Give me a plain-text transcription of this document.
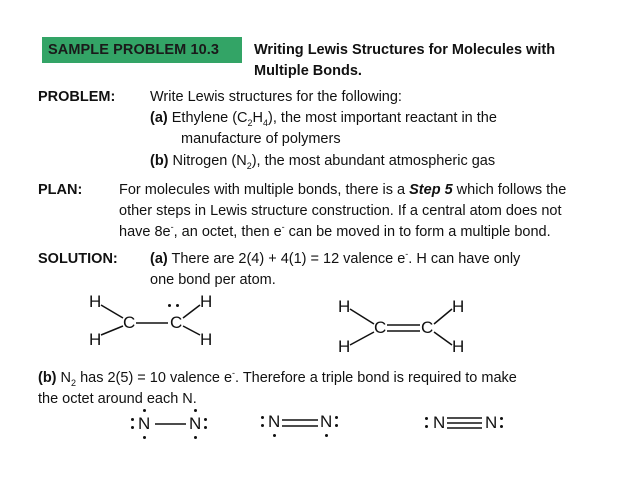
SAMPLE PROBLEM 10.3 Writing Lewis Structures for Molecules with
Multiple Bonds.
PROBLEM: Write Lewis structures for the following:
(a) Ethylene $(C_2H_4)$, the most important reactant in the
manufacture of polymers
(b) Nitrogen $(N_2)$, the most abundant atmospheric gas
PLAN:	For molecules with multiple bonds, there is a Step 5 which follows the
other steps in Lewis structure construction. If a central atom does not
have 8e-, an octet, then e- can be moved in to form a multiple bond.
SOLUTION: (a) There are 2(4) + 4(1) = 12 valence e-. H can have only
one bond per atom.
H
H
C C
H
H
H
H
C C
H
H
(b) $N_2$ has 2(5) = 10 valence e-. Therefore a triple bond is required to make
the octet around each N.
N N	N N	N N
